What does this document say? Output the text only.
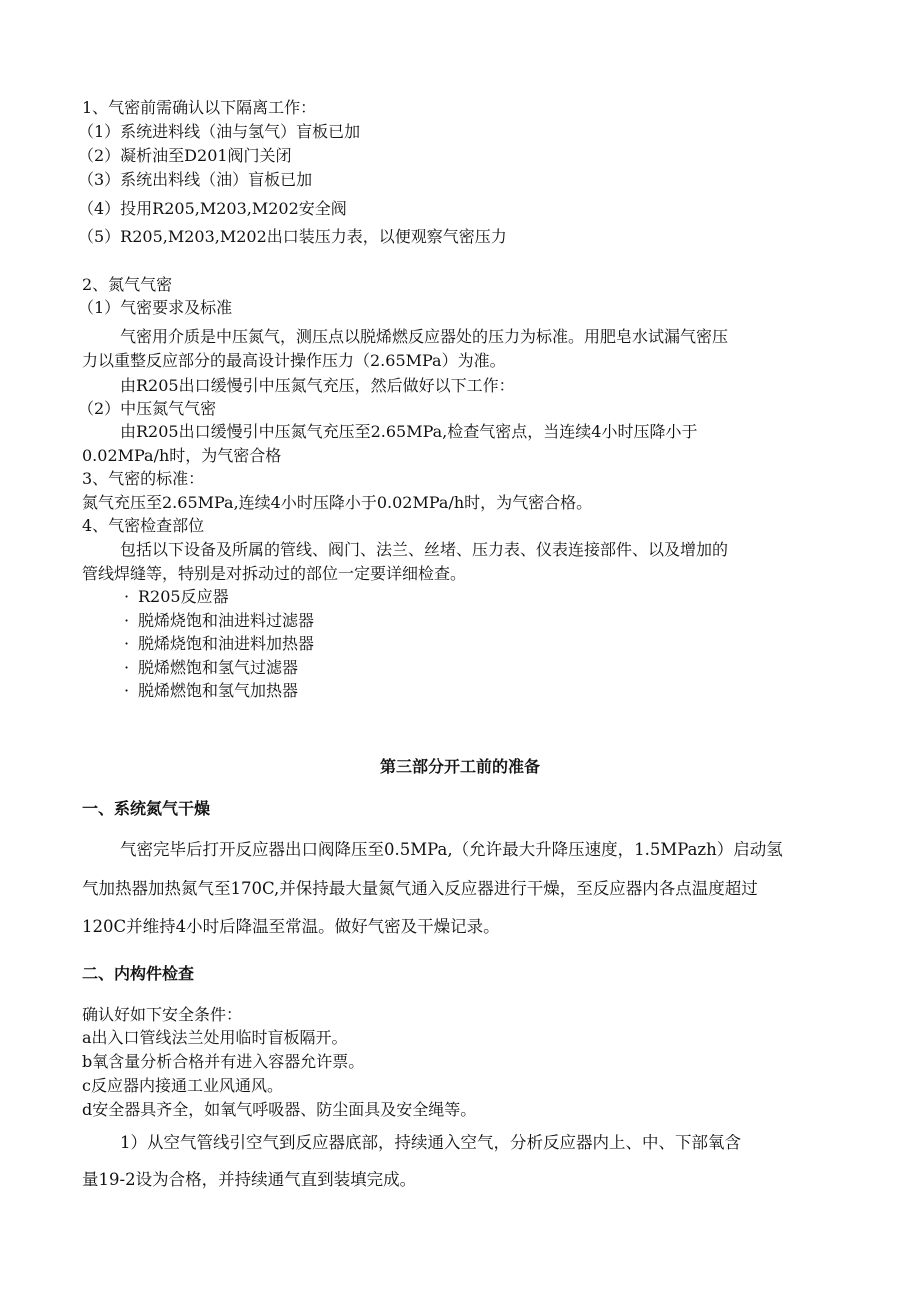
1、气密前需确认以下隔离工作：
（1）系统进料线（油与氢气）盲板已加
（2）凝析油至D201阀门关闭
（3）系统出料线（油）盲板已加
（4）投用R205,M203,M202安全阀
（5）R205,M203,M202出口装压力表，以便观察气密压力
2、氮气气密
（1）气密要求及标准
气密用介质是中压氮气，测压点以脱烯燃反应器处的压力为标准。用肥皂水试漏气密压
力以重整反应部分的最高设计操作压力（2.65MPa）为准。
由R205出口缓慢引中压氮气充压，然后做好以下工作：
（2）中压氮气气密
由R205出口缓慢引中压氮气充压至2.65MPa,检查气密点，当连续4小时压降小于
0.02MPa/h时，为气密合格
3、气密的标准：
氮气充压至2.65MPa,连续4小时压降小于0.02MPa/h时，为气密合格。
4、气密检查部位
包括以下设备及所属的管线、阀门、法兰、丝堵、压力表、仪表连接部件、以及增加的
管线焊缝等，特别是对拆动过的部位一定要详细检查。
· R205反应器
· 脱烯烧饱和油进料过滤器
· 脱烯烧饱和油进料加热器
· 脱烯燃饱和氢气过滤器
· 脱烯燃饱和氢气加热器
第三部分开工前的准备
一、系统氮气干燥
气密完毕后打开反应器出口阀降压至0.5MPa,（允许最大升降压速度，1.5MPazh）启动氢
气加热器加热氮气至170C,并保持最大量氮气通入反应器进行干燥，至反应器内各点温度超过
120C并维持4小时后降温至常温。做好气密及干燥记录。
二、内构件检查
确认好如下安全条件：
a出入口管线法兰处用临时盲板隔开。
b氧含量分析合格并有进入容器允许票。
c反应器内接通工业风通风。
d安全器具齐全，如氧气呼吸器、防尘面具及安全绳等。
1）从空气管线引空气到反应器底部，持续通入空气，分析反应器内上、中、下部氧含
量19-2设为合格，并持续通气直到装填完成。
